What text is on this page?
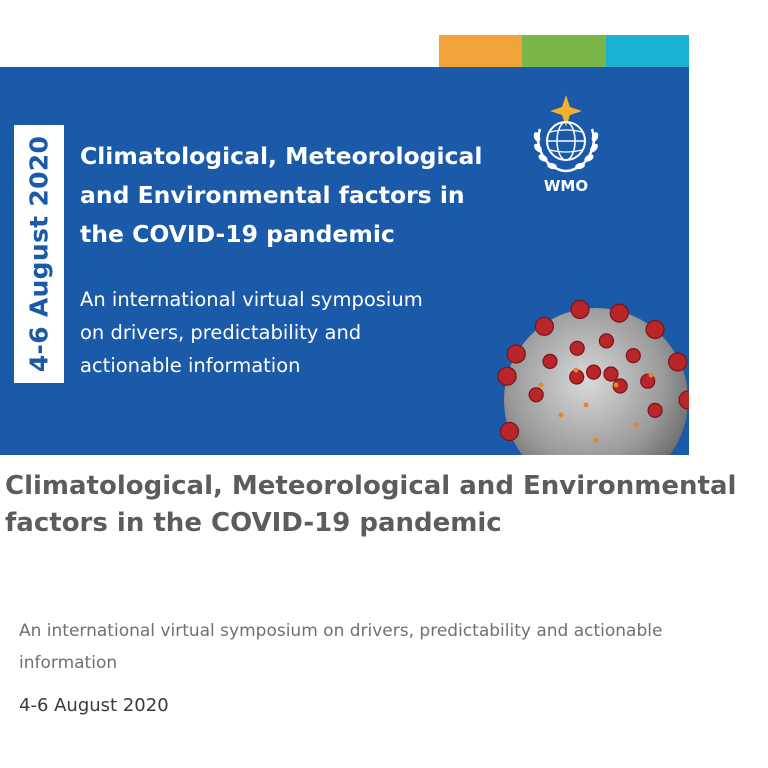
4-6 August 2020 Climatological, Meteorological
and Environmental factors in
the COVID-19 pandemic

An international virtual symposium
on drivers, predictability and
actionable information

WMO
Climatological, Meteorological and Environmental factors in the COVID-19 pandemic

An international virtual symposium on drivers, predictability and actionable information

4-6 August 2020
